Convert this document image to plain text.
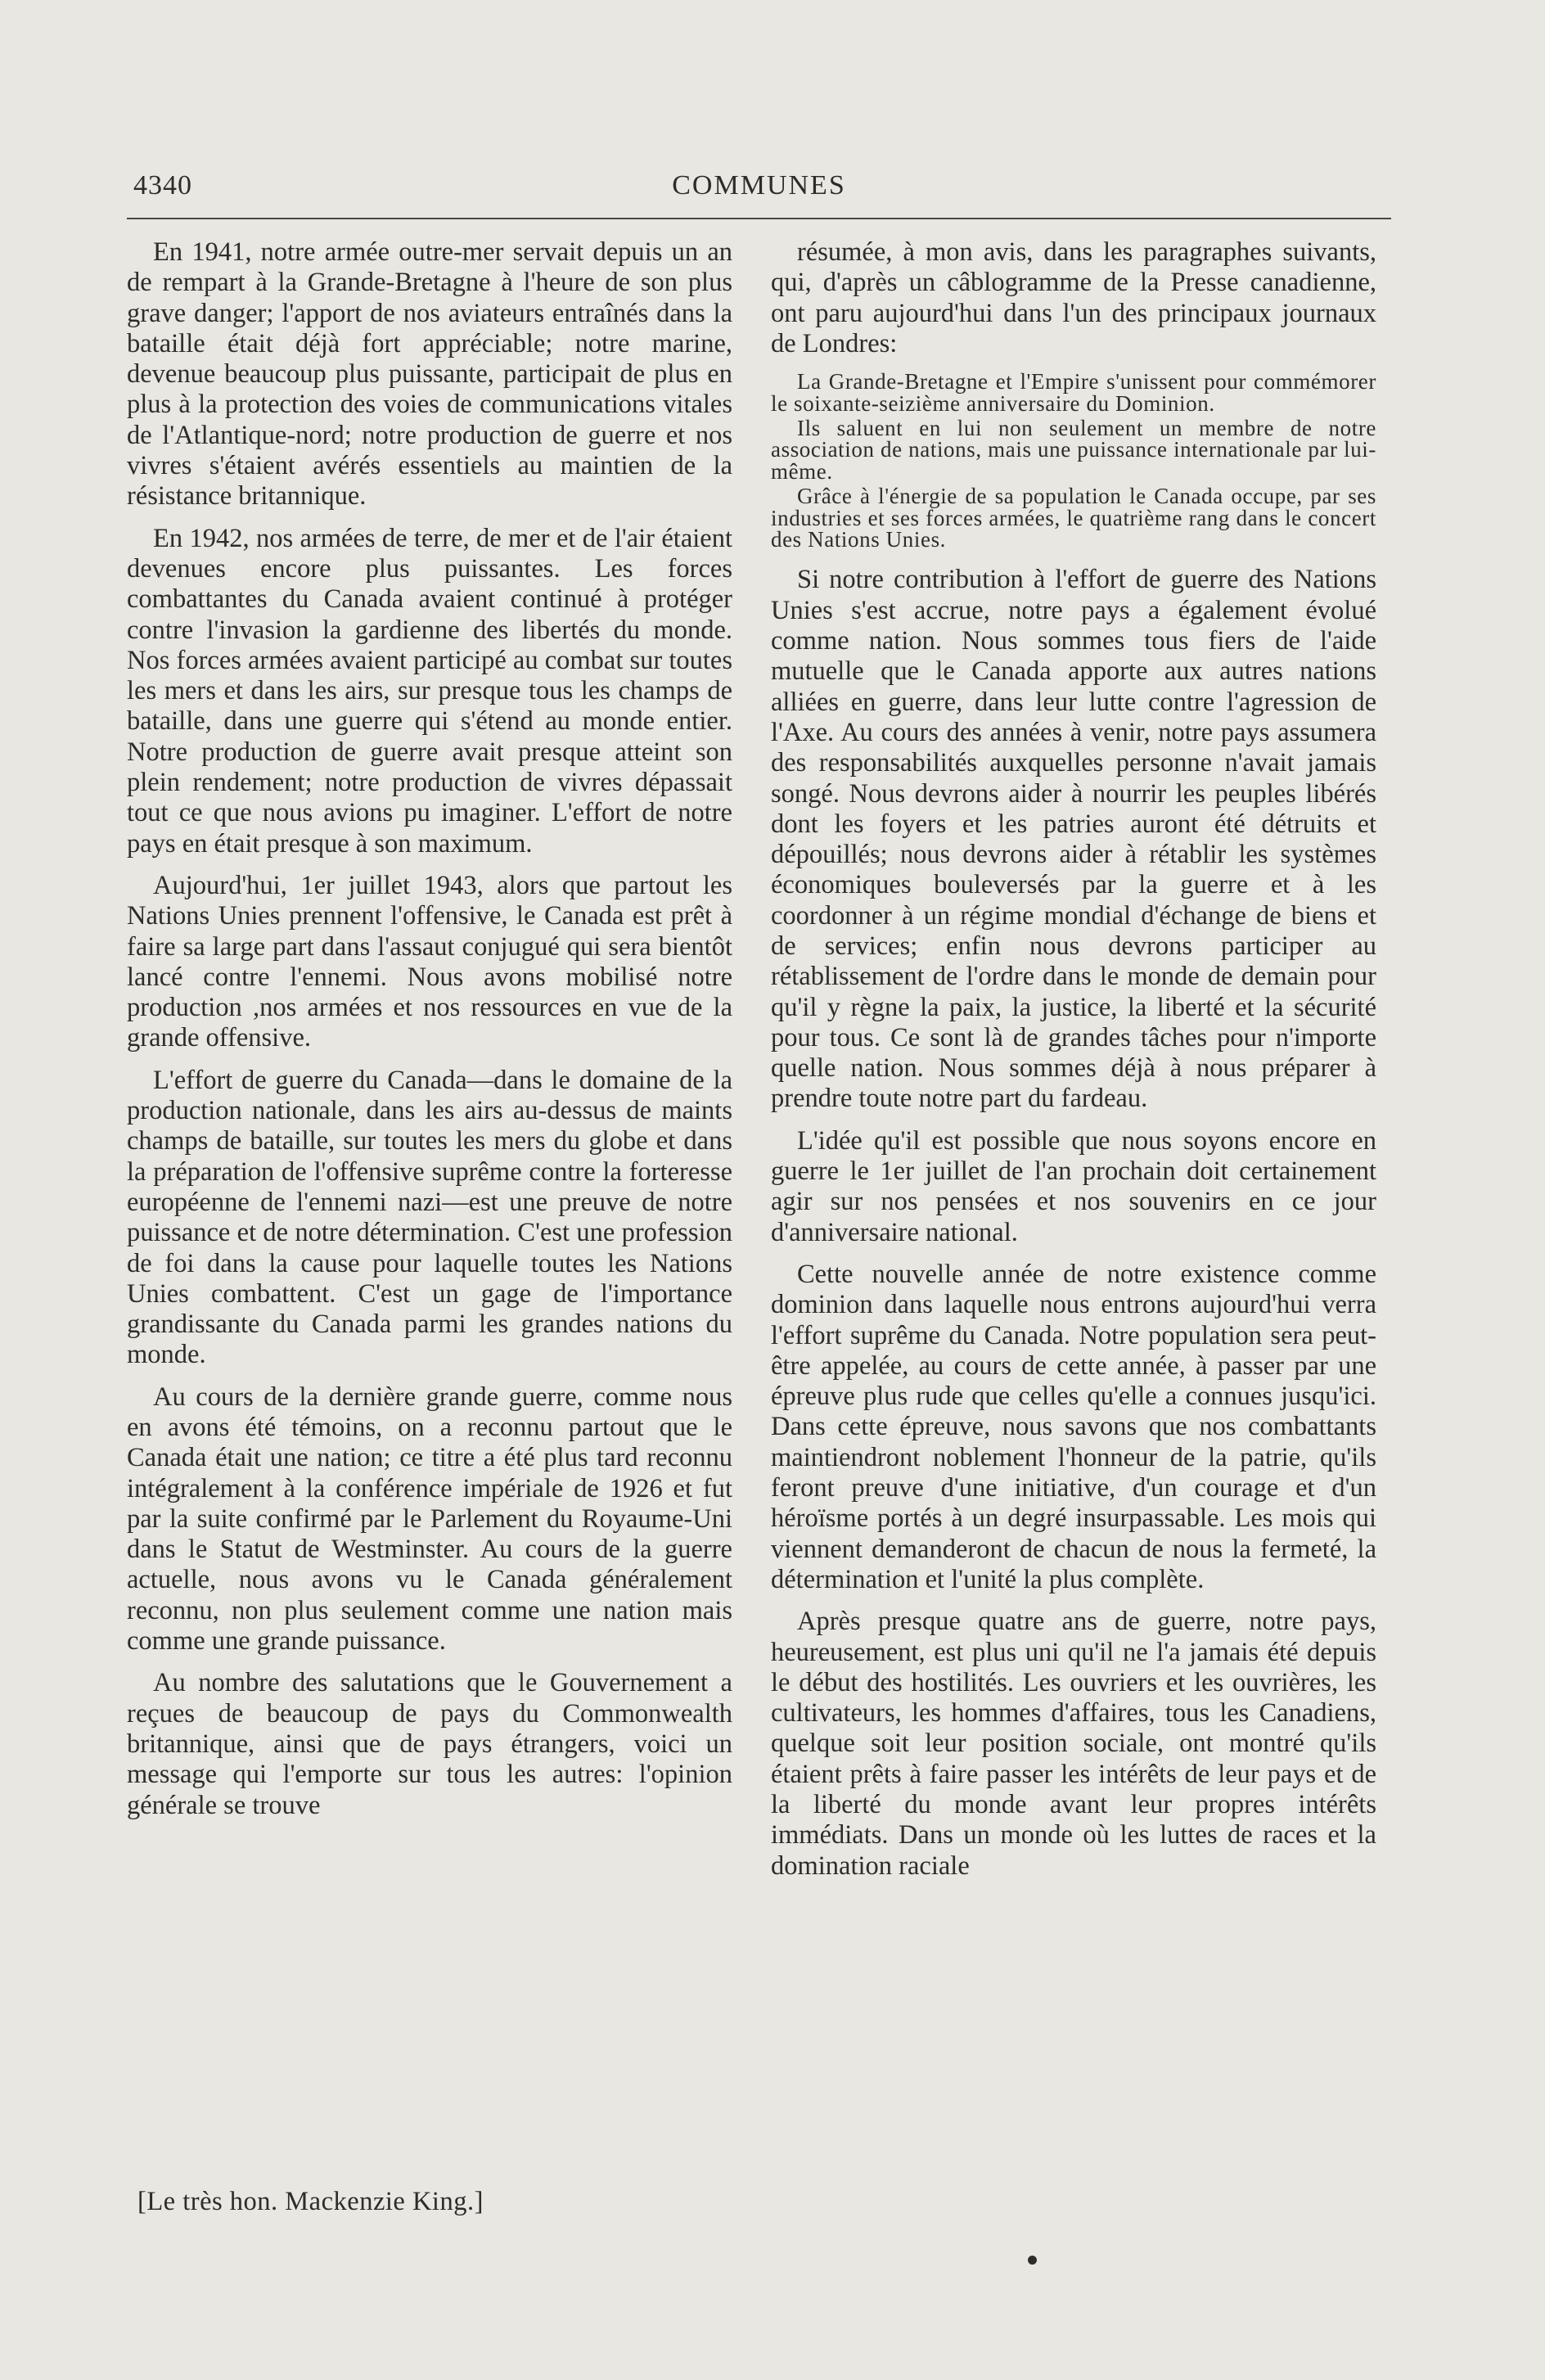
4340	COMMUNES

En 1941, notre armée outre-mer servait depuis un an de rempart à la Grande-Bretagne à l'heure de son plus grave danger; l'apport de nos aviateurs entraînés dans la bataille était déjà fort appréciable; notre marine, devenue beaucoup plus puissante, participait de plus en plus à la protection des voies de communications vitales de l'Atlantique-nord; notre production de guerre et nos vivres s'étaient avérés essentiels au maintien de la résistance britannique.

En 1942, nos armées de terre, de mer et de l'air étaient devenues encore plus puissantes. Les forces combattantes du Canada avaient continué à protéger contre l'invasion la gardienne des libertés du monde. Nos forces armées avaient participé au combat sur toutes les mers et dans les airs, sur presque tous les champs de bataille, dans une guerre qui s'étend au monde entier. Notre production de guerre avait presque atteint son plein rendement; notre production de vivres dépassait tout ce que nous avions pu imaginer. L'effort de notre pays en était presque à son maximum.

Aujourd'hui, 1er juillet 1943, alors que partout les Nations Unies prennent l'offensive, le Canada est prêt à faire sa large part dans l'assaut conjugué qui sera bientôt lancé contre l'ennemi. Nous avons mobilisé notre production ,nos armées et nos ressources en vue de la grande offensive.

L'effort de guerre du Canada—dans le domaine de la production nationale, dans les airs au-dessus de maints champs de bataille, sur toutes les mers du globe et dans la préparation de l'offensive suprême contre la forteresse européenne de l'ennemi nazi—est une preuve de notre puissance et de notre détermination. C'est une profession de foi dans la cause pour laquelle toutes les Nations Unies combattent. C'est un gage de l'importance grandissante du Canada parmi les grandes nations du monde.

Au cours de la dernière grande guerre, comme nous en avons été témoins, on a reconnu partout que le Canada était une nation; ce titre a été plus tard reconnu intégralement à la conférence impériale de 1926 et fut par la suite confirmé par le Parlement du Royaume-Uni dans le Statut de Westminster. Au cours de la guerre actuelle, nous avons vu le Canada généralement reconnu, non plus seulement comme une nation mais comme une grande puissance.

Au nombre des salutations que le Gouvernement a reçues de beaucoup de pays du Commonwealth britannique, ainsi que de pays étrangers, voici un message qui l'emporte sur tous les autres: l'opinion générale se trouve

résumée, à mon avis, dans les paragraphes suivants, qui, d'après un câblogramme de la Presse canadienne, ont paru aujourd'hui dans l'un des principaux journaux de Londres:

La Grande-Bretagne et l'Empire s'unissent pour commémorer le soixante-seizième anniversaire du Dominion.

Ils saluent en lui non seulement un membre de notre association de nations, mais une puissance internationale par lui-même.

Grâce à l'énergie de sa population le Canada occupe, par ses industries et ses forces armées, le quatrième rang dans le concert des Nations Unies.

Si notre contribution à l'effort de guerre des Nations Unies s'est accrue, notre pays a également évolué comme nation. Nous sommes tous fiers de l'aide mutuelle que le Canada apporte aux autres nations alliées en guerre, dans leur lutte contre l'agression de l'Axe. Au cours des années à venir, notre pays assumera des responsabilités auxquelles personne n'avait jamais songé. Nous devrons aider à nourrir les peuples libérés dont les foyers et les patries auront été détruits et dépouillés; nous devrons aider à rétablir les systèmes économiques bouleversés par la guerre et à les coordonner à un régime mondial d'échange de biens et de services; enfin nous devrons participer au rétablissement de l'ordre dans le monde de demain pour qu'il y règne la paix, la justice, la liberté et la sécurité pour tous. Ce sont là de grandes tâches pour n'importe quelle nation. Nous sommes déjà à nous préparer à prendre toute notre part du fardeau.

L'idée qu'il est possible que nous soyons encore en guerre le 1er juillet de l'an prochain doit certainement agir sur nos pensées et nos souvenirs en ce jour d'anniversaire national.

Cette nouvelle année de notre existence comme dominion dans laquelle nous entrons aujourd'hui verra l'effort suprême du Canada. Notre population sera peut-être appelée, au cours de cette année, à passer par une épreuve plus rude que celles qu'elle a connues jusqu'ici. Dans cette épreuve, nous savons que nos combattants maintiendront noblement l'honneur de la patrie, qu'ils feront preuve d'une initiative, d'un courage et d'un héroïsme portés à un degré insurpassable. Les mois qui viennent demanderont de chacun de nous la fermeté, la détermination et l'unité la plus complète.

Après presque quatre ans de guerre, notre pays, heureusement, est plus uni qu'il ne l'a jamais été depuis le début des hostilités. Les ouvriers et les ouvrières, les cultivateurs, les hommes d'affaires, tous les Canadiens, quelque soit leur position sociale, ont montré qu'ils étaient prêts à faire passer les intérêts de leur pays et de la liberté du monde avant leur propres intérêts immédiats. Dans un monde où les luttes de races et la domination raciale

[Le très hon. Mackenzie King.]
